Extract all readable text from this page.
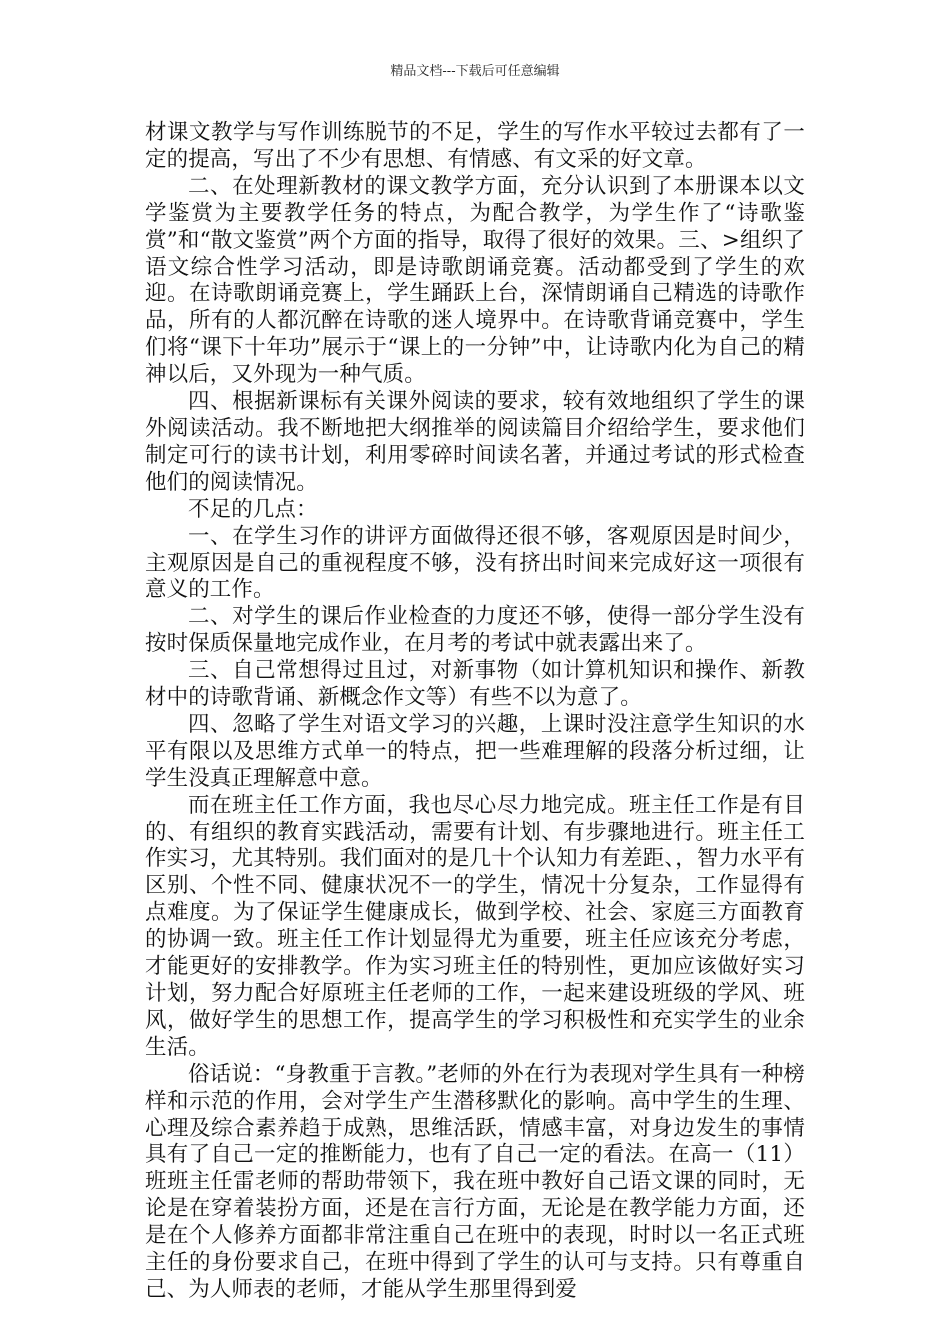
精品文档---下载后可任意编辑

材课文教学与写作训练脱节的不足，学生的写作水平较过去都有了一定的提高，写出了不少有思想、有情感、有文采的好文章。

二、在处理新教材的课文教学方面，充分认识到了本册课本以文学鉴赏为主要教学任务的特点，为配合教学，为学生作了“诗歌鉴赏”和“散文鉴赏”两个方面的指导，取得了很好的效果。三、>组织了语文综合性学习活动，即是诗歌朗诵竞赛。活动都受到了学生的欢迎。在诗歌朗诵竞赛上，学生踊跃上台，深情朗诵自己精选的诗歌作品，所有的人都沉醉在诗歌的迷人境界中。在诗歌背诵竞赛中，学生们将“课下十年功”展示于“课上的一分钟”中，让诗歌内化为自己的精神以后，又外现为一种气质。

四、根据新课标有关课外阅读的要求，较有效地组织了学生的课外阅读活动。我不断地把大纲推举的阅读篇目介绍给学生，要求他们制定可行的读书计划，利用零碎时间读名著，并通过考试的形式检查他们的阅读情况。

不足的几点：

一、在学生习作的讲评方面做得还很不够，客观原因是时间少，主观原因是自己的重视程度不够，没有挤出时间来完成好这一项很有意义的工作。

二、对学生的课后作业检查的力度还不够，使得一部分学生没有按时保质保量地完成作业，在月考的考试中就表露出来了。

三、自己常想得过且过，对新事物（如计算机知识和操作、新教材中的诗歌背诵、新概念作文等）有些不以为意了。

四、忽略了学生对语文学习的兴趣，上课时没注意学生知识的水平有限以及思维方式单一的特点，把一些难理解的段落分析过细，让学生没真正理解意中意。

而在班主任工作方面，我也尽心尽力地完成。班主任工作是有目的、有组织的教育实践活动，需要有计划、有步骤地进行。班主任工作实习，尤其特别。我们面对的是几十个认知力有差距、，智力水平有区别、个性不同、健康状况不一的学生，情况十分复杂，工作显得有点难度。为了保证学生健康成长，做到学校、社会、家庭三方面教育的协调一致。班主任工作计划显得尤为重要，班主任应该充分考虑，才能更好的安排教学。作为实习班主任的特别性，更加应该做好实习计划，努力配合好原班主任老师的工作，一起来建设班级的学风、班风，做好学生的思想工作，提高学生的学习积极性和充实学生的业余生活。

俗话说：“身教重于言教。”老师的外在行为表现对学生具有一种榜样和示范的作用，会对学生产生潜移默化的影响。高中学生的生理、心理及综合素养趋于成熟，思维活跃，情感丰富，对身边发生的事情具有了自己一定的推断能力，也有了自己一定的看法。在高一（11）班班主任雷老师的帮助带领下，我在班中教好自己语文课的同时，无论是在穿着装扮方面，还是在言行方面，无论是在教学能力方面，还是在个人修养方面都非常注重自己在班中的表现，时时以一名正式班主任的身份要求自己，在班中得到了学生的认可与支持。只有尊重自己、为人师表的老师，才能从学生那里得到爱
